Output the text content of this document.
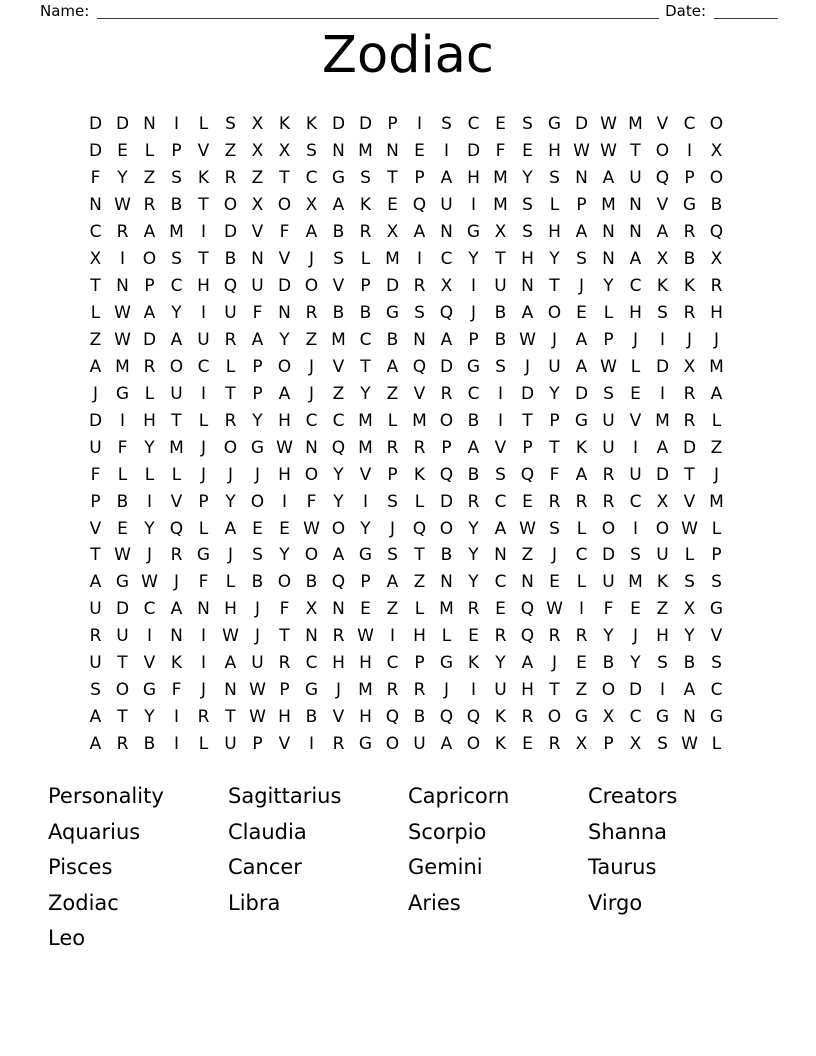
Name:	Date:
Zodiac
D D N	I	L S X K K D D P	I	S C E S G D W M V C O
D E L	P V Z X X S N M N E	I	D F E H W W T O	I	X
F Y Z S K R Z T C G S T P A H M Y S N A U Q P O
N W R B T O X O X A K E Q U	I	M S L	P M N V G B
C R A M	I	D V F A B R X A N G X S H A N N A R Q
X	I	O S T B N V	J	S L M	I	C Y T H Y S N A X B X
T N P C H Q U D O V P D R X	I	U N T	J	Y C K K R
L W A Y	I	U F N R B B G S Q	J	B A O E L H S R H
Z W D A U R A Y Z M C B N A P B W J	A P	J	I	J	J
A M R O C L	P O	J	V T A Q D G S	J	U A W L D X M
J	G L U	I	T P A	J	Z Y Z V R C	I	D Y D S E	I	R A
D	I	H T	L R Y H C C M L M O B	I	T P G U V M R L
U F Y M	J	O G W N Q M R R P A V P T K U	I	A D Z
F	L	L	L	J	J	J	H O Y V P K Q B S Q F A R U D T	J
P B	I	V P Y O	I	F Y	I	S L D R C E R R R C X V M
V E Y Q L A E E W O Y	J	Q O Y A W S L O	I	O W L
T W J	R G	J	S Y O A G S T B Y N Z	J	C D S U L	P
A G W J	F	L B O B Q P A Z N Y C N E L U M K S S
U D C A N H	J	F X N E Z L M R E Q W I	F E Z X G
R U	I	N	I W J	T N R W I	H L E R Q R R Y	J	H Y V
U T V K	I	A U R C H H C P G K Y A	J	E B Y S B S
S O G F	J	N W P G	J	M R R	J	I	U H T Z O D	I	A C
A T Y	I	R T W H B V H Q B Q Q K R O G X C G N G
A R B	I	L U P V	I	R G O U A O K E R X P X S W L
Personality
Aquarius
Pisces
Zodiac
Leo
Sagittarius
Claudia
Cancer
Libra
Capricorn
Scorpio
Gemini
Aries
Creators
Shanna
Taurus
Virgo
